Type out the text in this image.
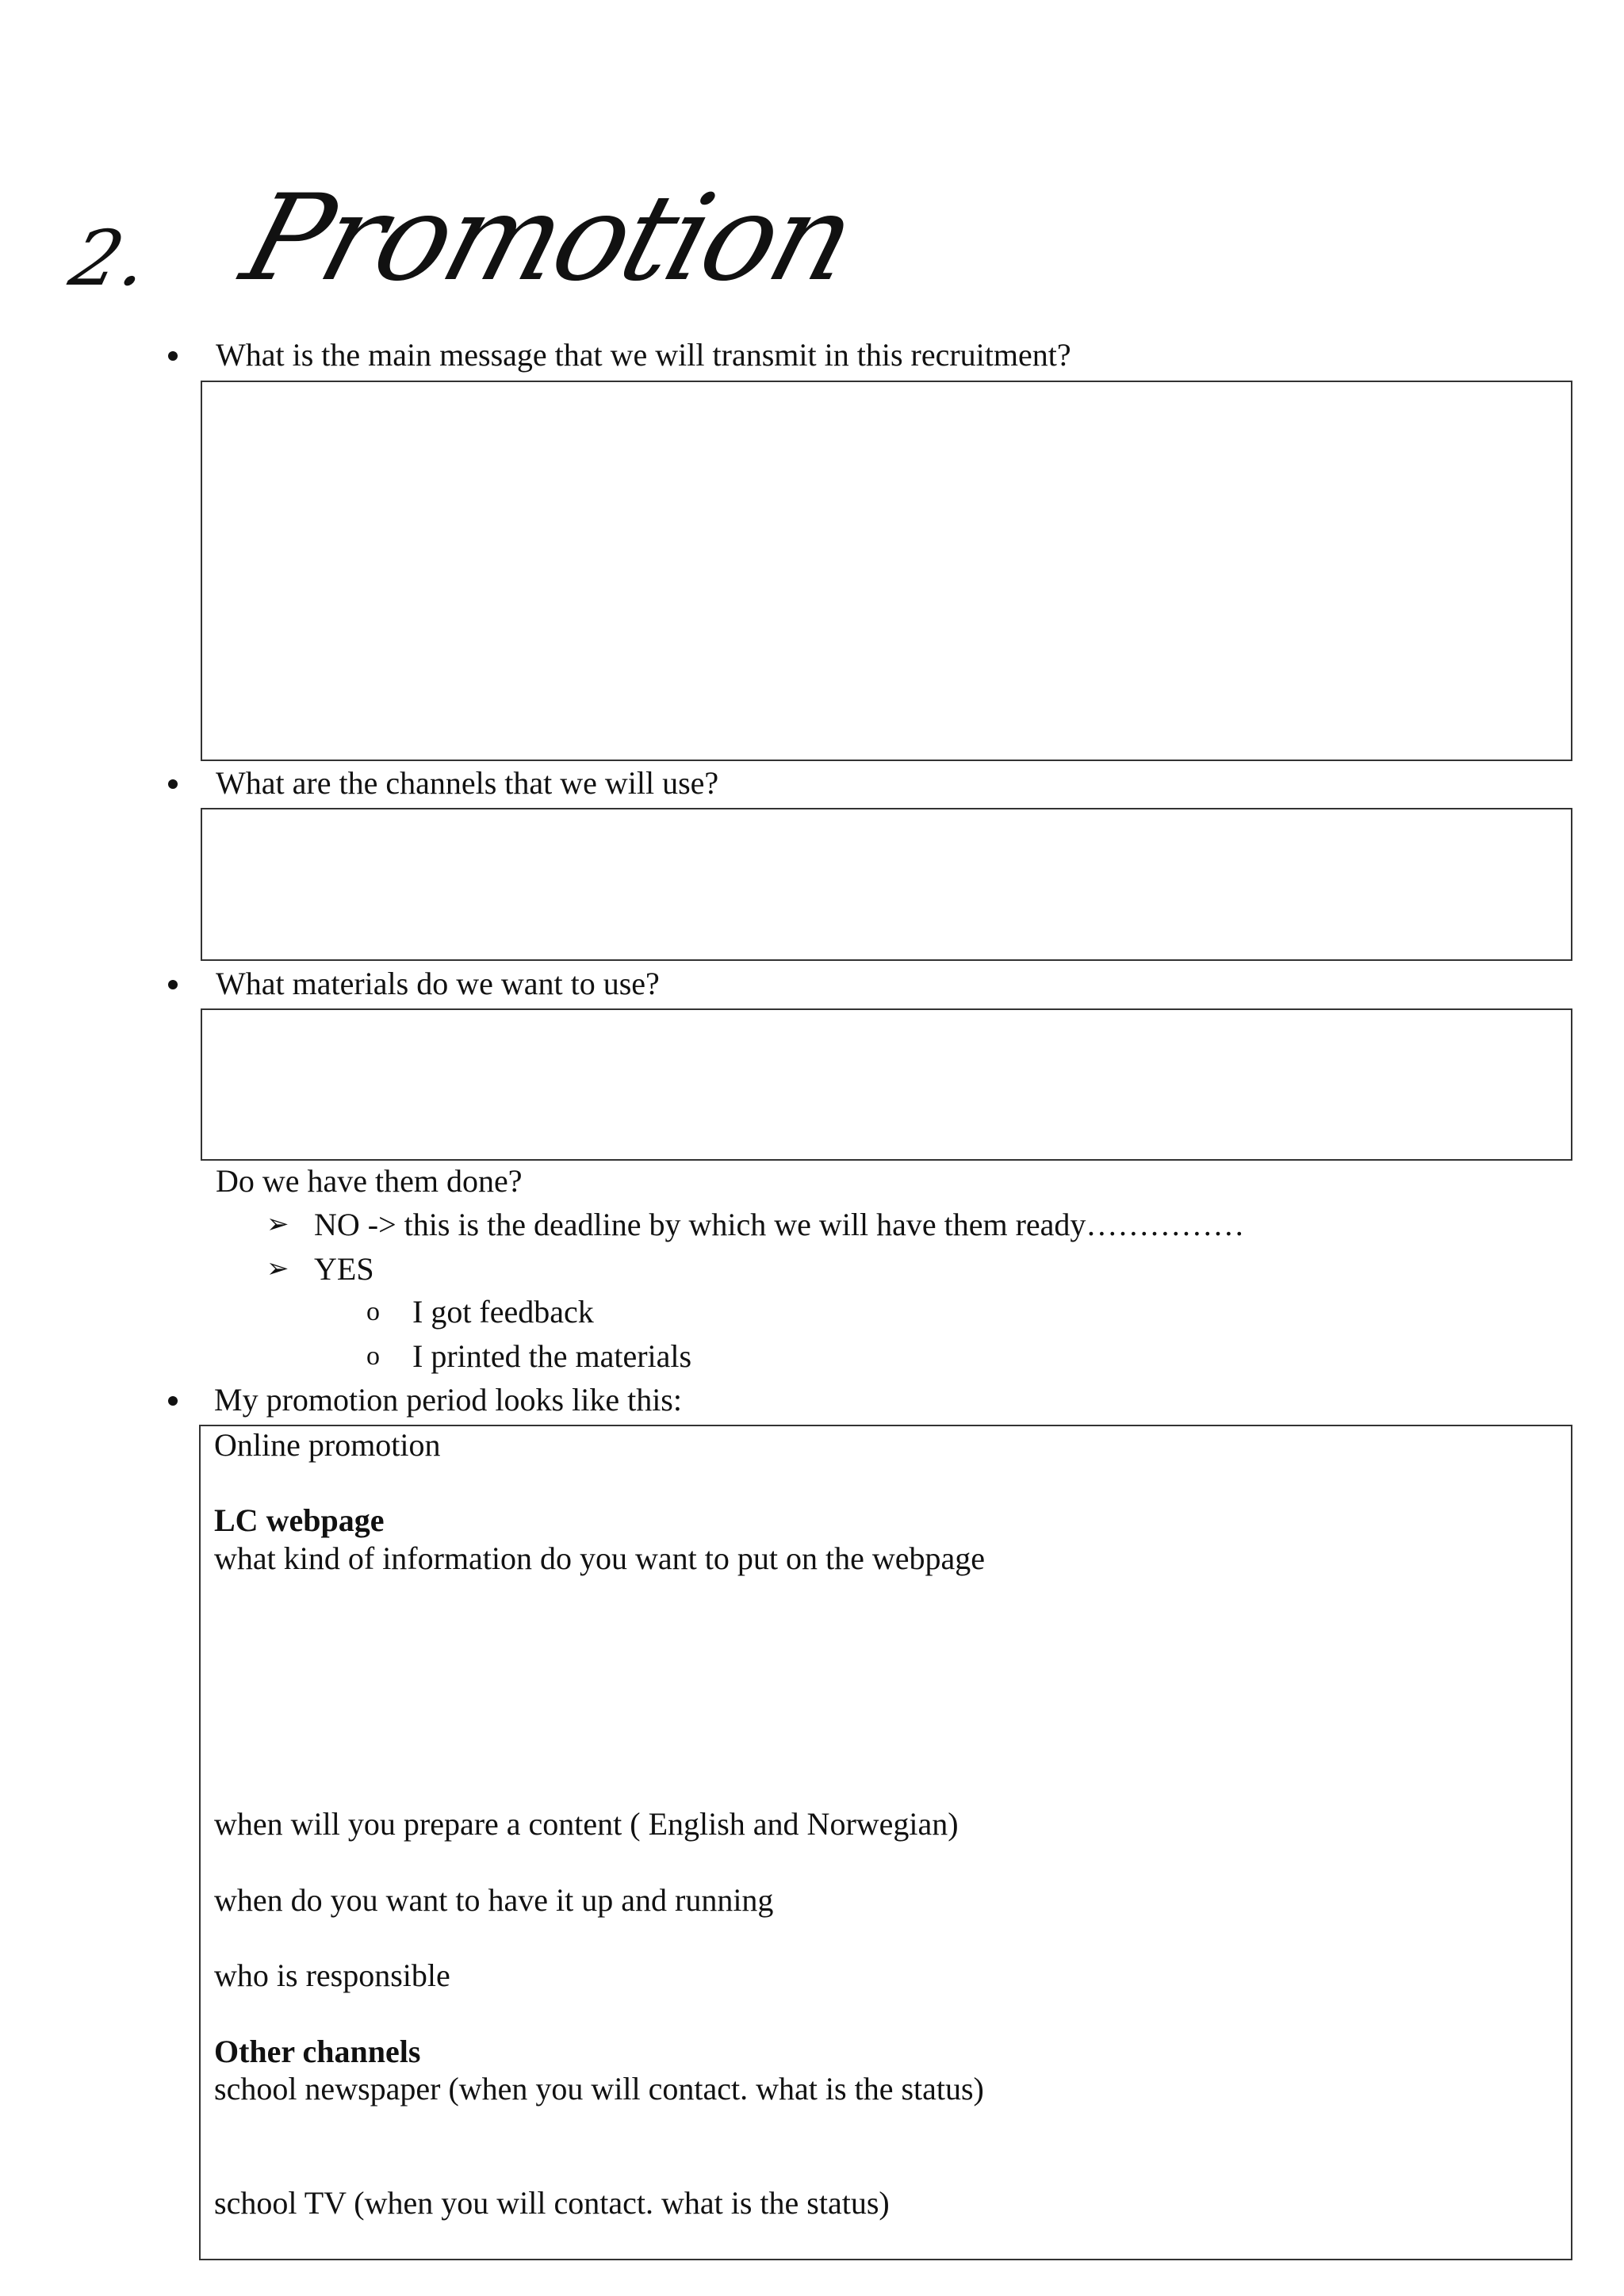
2. Promotion
What is the main message that we will transmit in this recruitment?
What are the channels that we will use?
What materials do we want to use?
Do we have them done?
➢ NO -> this is the deadline by which we will have them ready……………
➢ YES
o I got feedback
o I printed the materials
My promotion period looks like this:
Online promotion
LC webpage
what kind of information do you want to put on the webpage
when will you prepare a content ( English and Norwegian)
when do you want to have it up and running
who is responsible
Other channels
school newspaper (when you will contact. what is the status)
school TV (when you will contact. what is the status)
